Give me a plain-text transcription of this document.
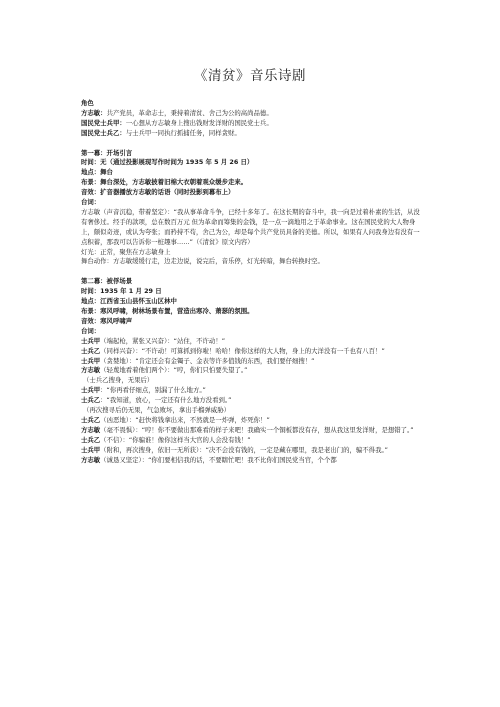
《清贫》音乐诗剧
角色
方志敏：共产党员，革命志士，秉持着清贫、舍己为公的高尚品德。
国民党士兵甲：一心想从方志敏身上搜出钱财发洋财的国民党士兵。
国民党士兵乙：与士兵甲一同执行抓捕任务，同样贪财。
第一幕：开场引言
时间：无（通过投影展现写作时间为 1935 年 5 月 26 日）
地点：舞台
布景：舞台深处，方志敏披着旧棉大衣朝着观众缓步走来。
音效：扩音器播放方志敏的话语（同时投影到幕布上）
台词：
方志敏（声音沉稳，带着坚定）：“我从事革命斗争，已经十多年了。在这长期的奋斗中，我一向是过着朴素的生活，从没有奢侈过。经手的款项，总在数百万元 但为革命而筹集的金钱，是一点一滴地用之于革命事业。这在国民党的大人物身上，颇似奇迹，或认为夸张；而矜持不苟，舍己为公，却是每个共产党员具备的美德。所以，如果有人问我身边有没有一点积蓄，那我可以告诉你一桩趣事……”（《清贫》原文内容）
灯光：正常，聚焦在方志敏身上
舞台动作：方志敏缓缓行走，边走边说，说完后，音乐停，灯光转暗，舞台转换时空。
第二幕：被俘场景
时间：1935 年 1 月 29 日
地点：江西省玉山县怀玉山区林中
布景：寒风呼啸，树林场景布置，营造出寒冷、萧瑟的氛围。
音效：寒风呼啸声
台词：
士兵甲（端起枪，紧张又兴奋）：“站住，不许动！”
士兵乙（同样兴奋）：“不许动！可算抓到你啦！哈哈！像你这样的大人物，身上的大洋没有一千也有八百！”
士兵甲（贪婪地）：“肯定还会有金镯子、金表等许多值钱的东西，我们要仔细搜！”
方志敏（轻蔑地看着他们两个）：“哼，你们只怕要失望了。”
（士兵乙搜身，无果后）
士兵甲：“你再看仔细点，别漏了什么地方。”
士兵乙：“我知道，放心，一定还有什么地方没看到。”
（再次搜寻后仍无果，气急败坏，拿出手榴弹威胁）
士兵乙（凶恶地）：“赶快将钱拿出来，不然就是一炸弹，炸死你！”
方志敏（毫不畏惧）：“哼！你不要做出那难看的样子来吧！我确实一个铜板都没有存，想从我这里发洋财，是想错了。”
士兵乙（不信）：“你骗谁！像你这样当大官的人会没有钱！”
士兵甲（附和，再次搜身，依旧一无所获）：“决不会没有钱的，一定是藏在哪里，我是老出门的，骗不得我。”
方志敏（诚恳又坚定）：“你们要相信我的话，不要瞎忙吧！我不比你们国民党当官，个个都
